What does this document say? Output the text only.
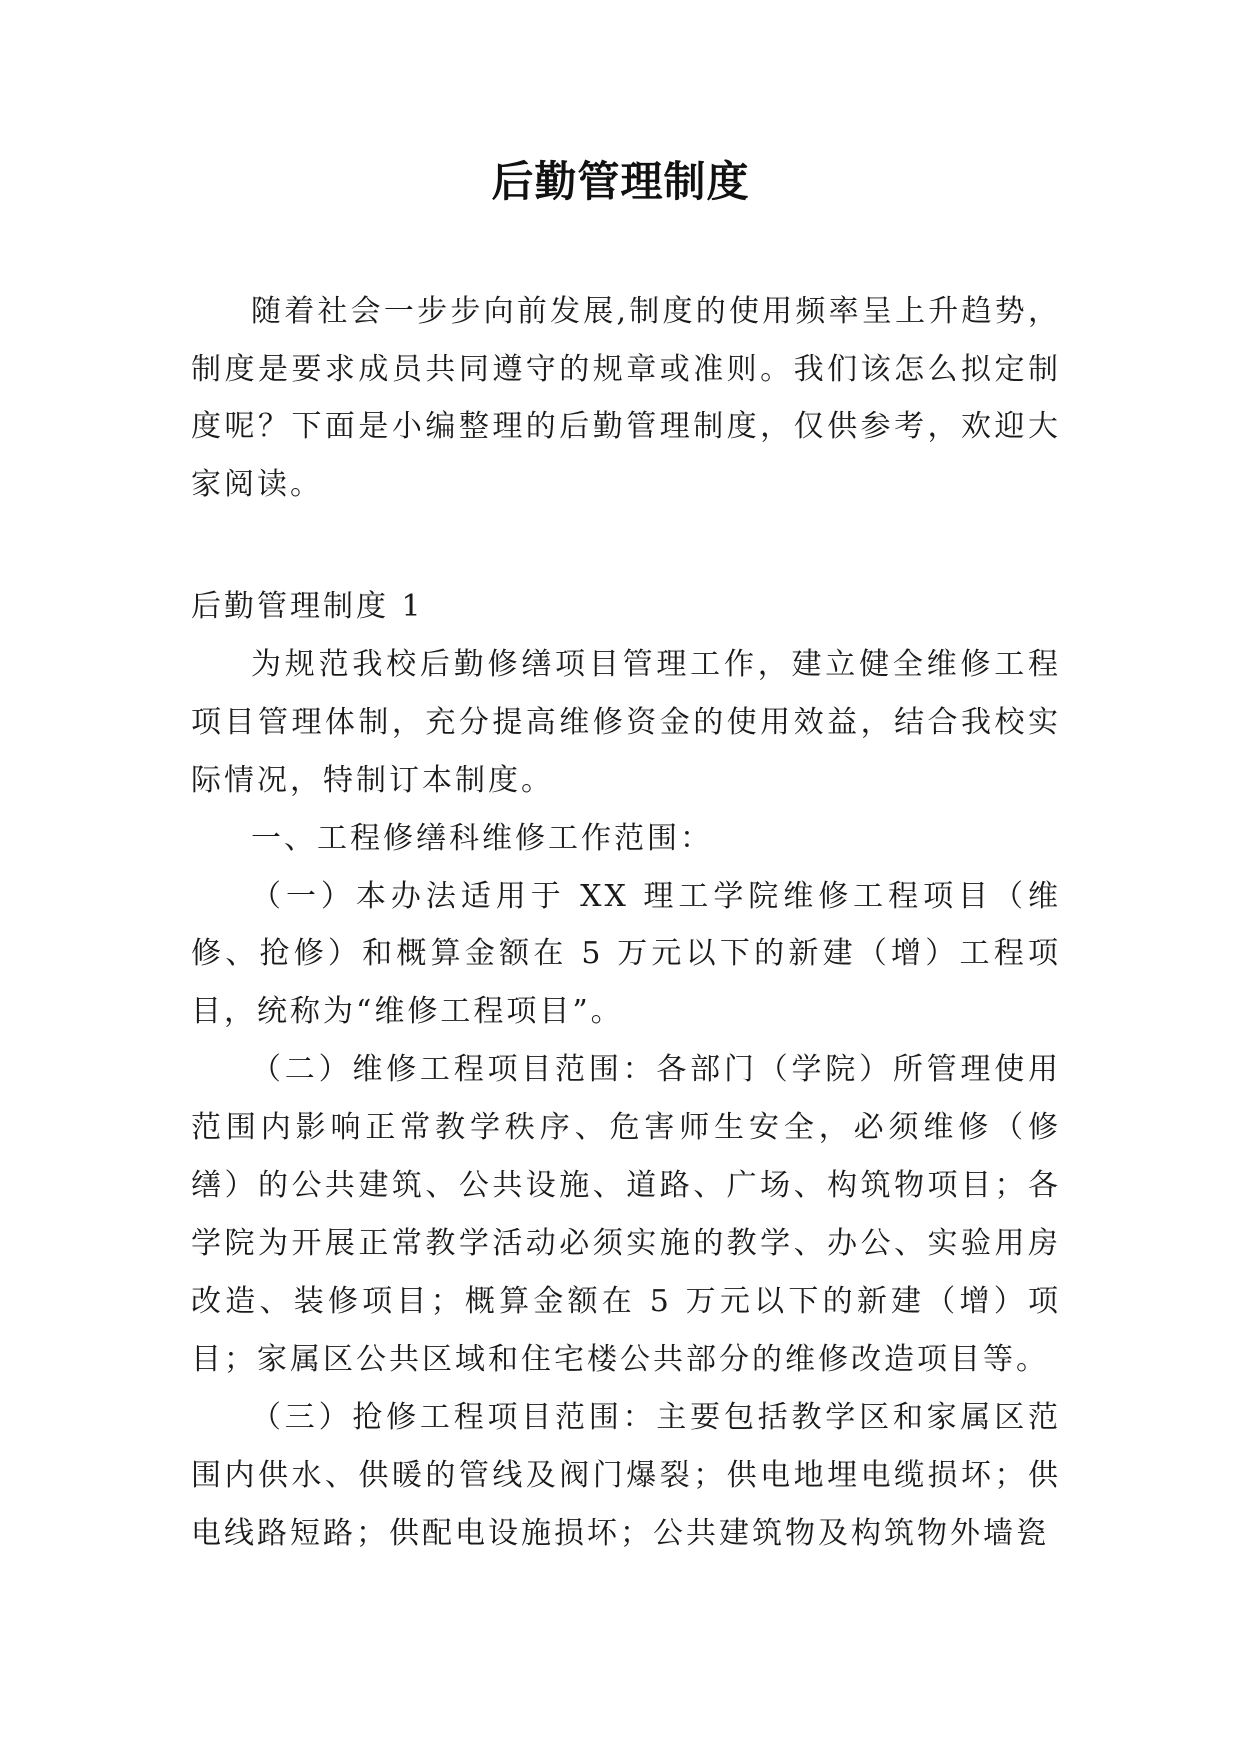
后勤管理制度

随着社会一步步向前发展,制度的使用频率呈上升趋势，制度是要求成员共同遵守的规章或准则。我们该怎么拟定制度呢？下面是小编整理的后勤管理制度，仅供参考，欢迎大家阅读。

后勤管理制度 1

为规范我校后勤修缮项目管理工作，建立健全维修工程项目管理体制，充分提高维修资金的使用效益，结合我校实际情况，特制订本制度。

一、工程修缮科维修工作范围：

（一）本办法适用于 XX 理工学院维修工程项目（维修、抢修）和概算金额在 5 万元以下的新建（增）工程项目，统称为“维修工程项目”。

（二）维修工程项目范围：各部门（学院）所管理使用范围内影响正常教学秩序、危害师生安全，必须维修（修缮）的公共建筑、公共设施、道路、广场、构筑物项目；各学院为开展正常教学活动必须实施的教学、办公、实验用房改造、装修项目；概算金额在 5 万元以下的新建（增）项目；家属区公共区域和住宅楼公共部分的维修改造项目等。

（三）抢修工程项目范围：主要包括教学区和家属区范围内供水、供暖的管线及阀门爆裂；供电地埋电缆损坏；供电线路短路；供配电设施损坏；公共建筑物及构筑物外墙瓷
